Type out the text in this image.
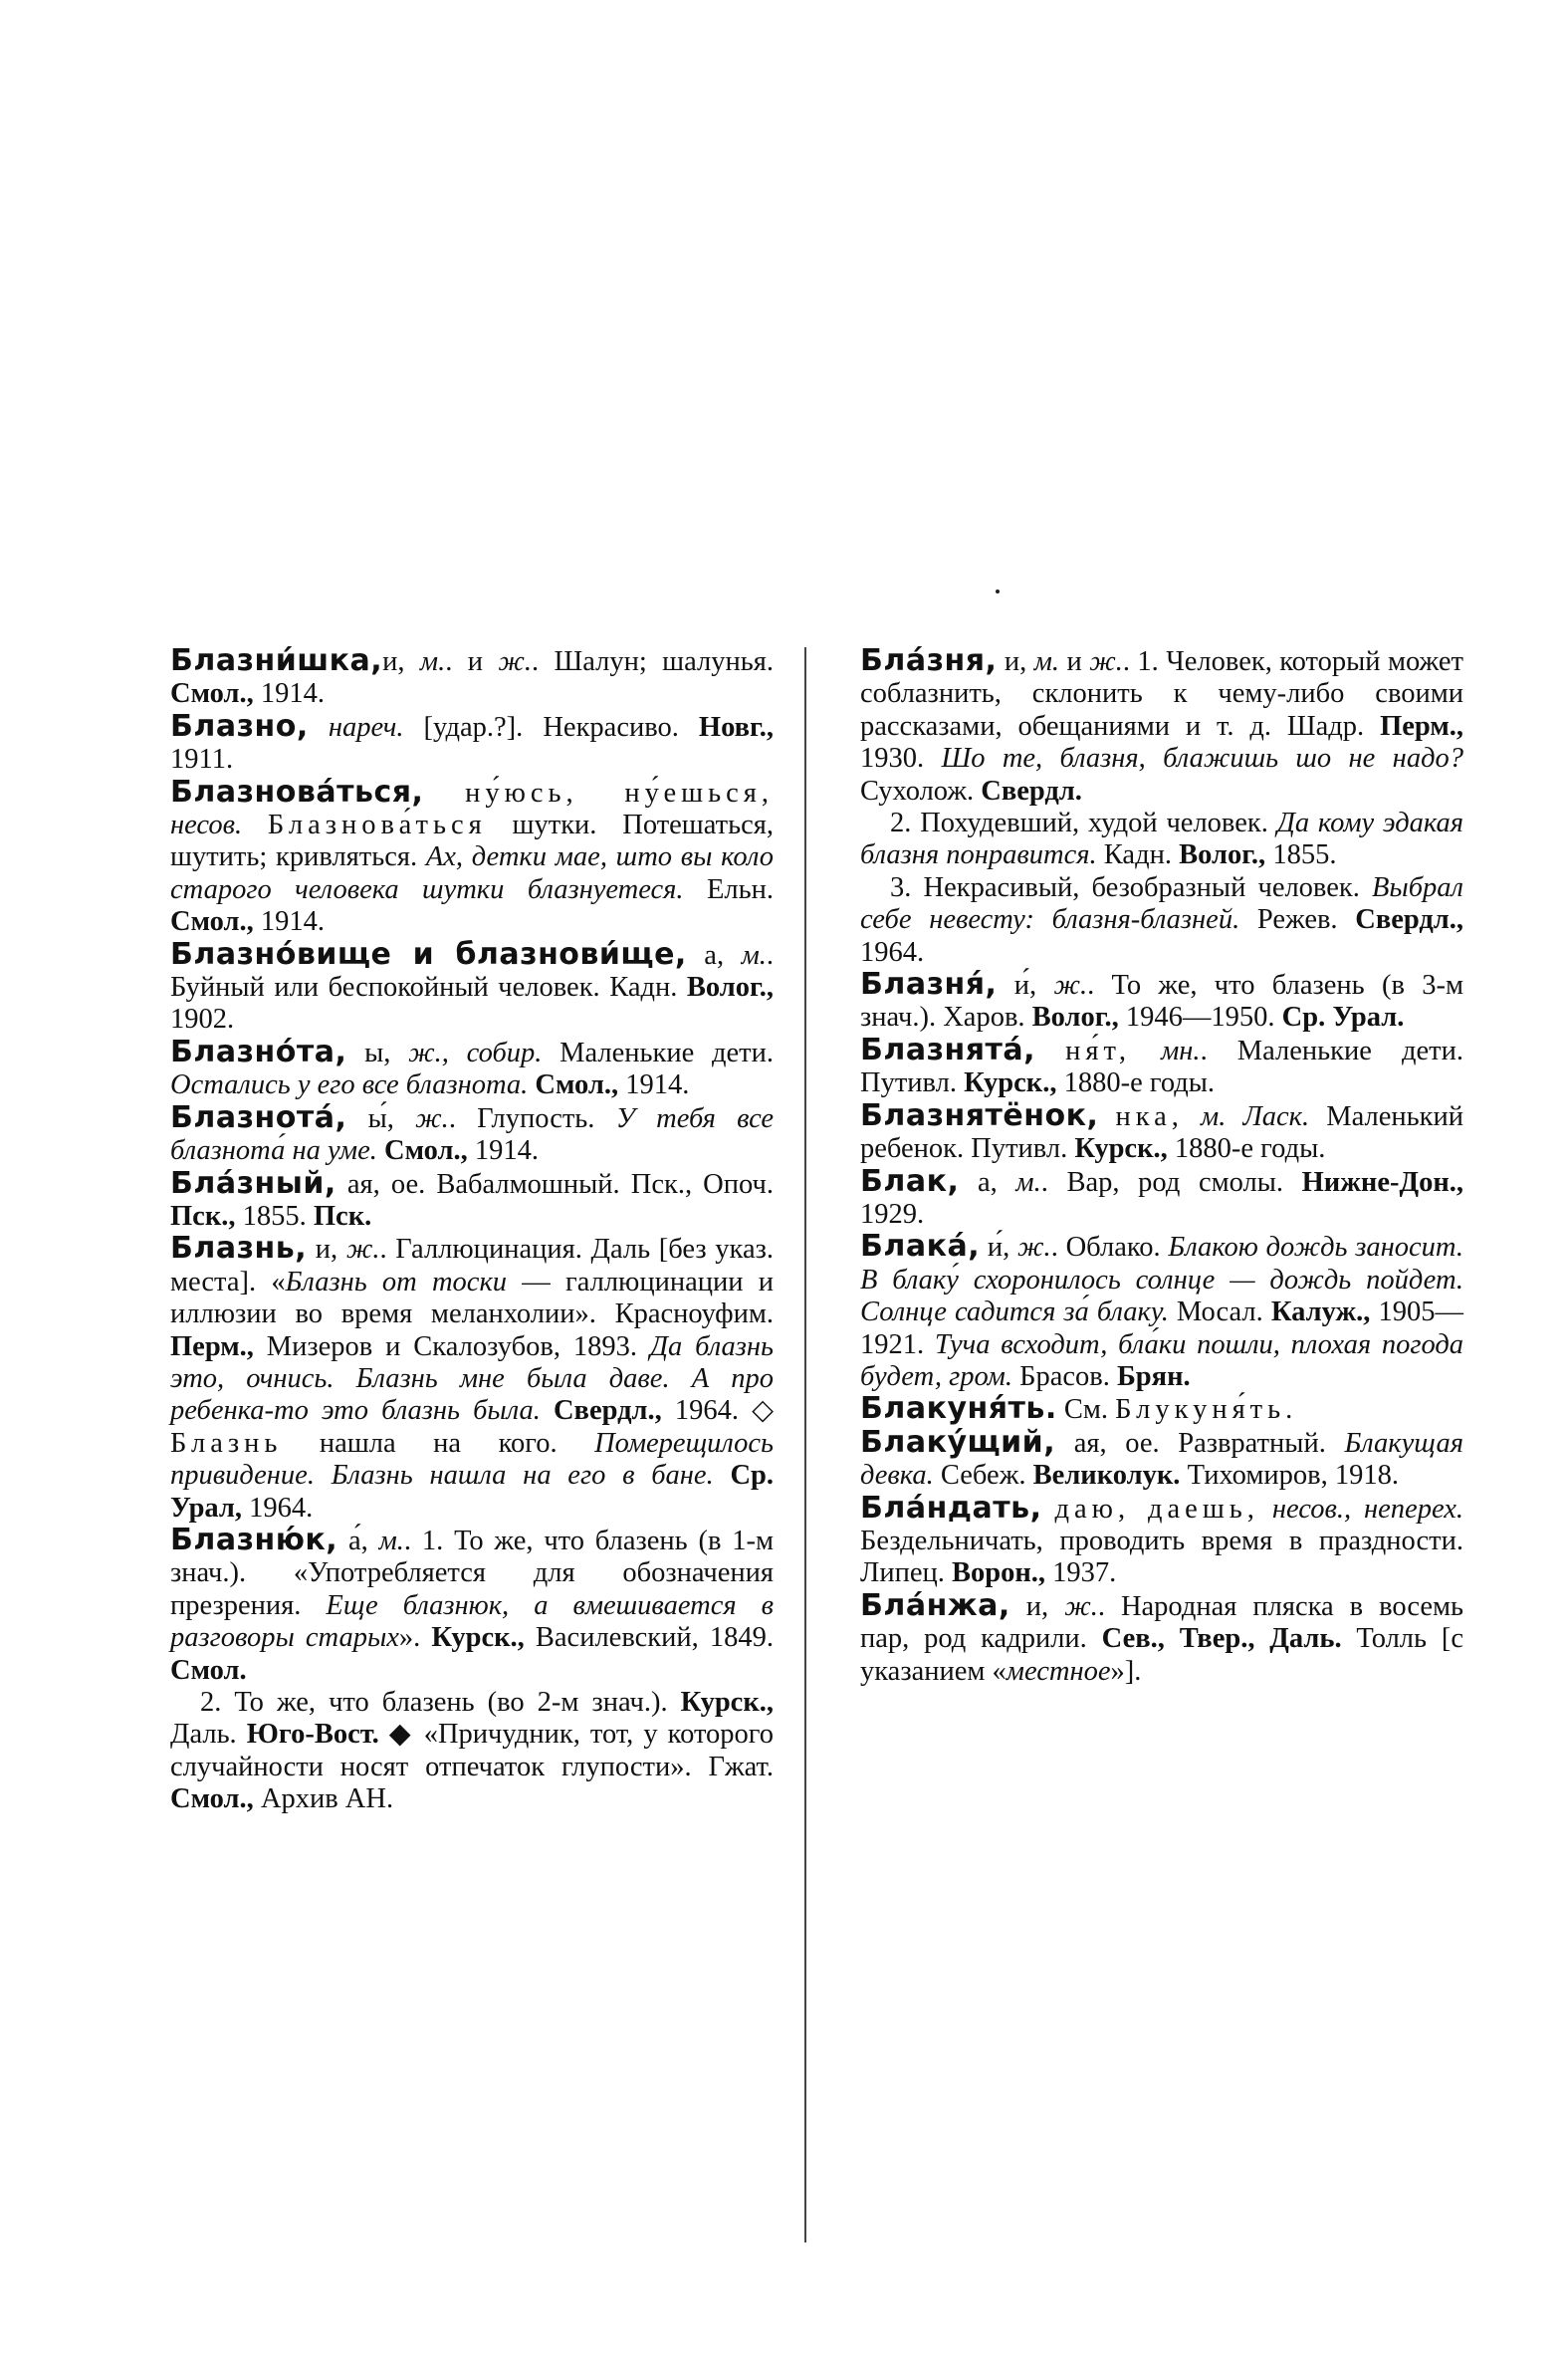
Блазни́шка,и, м.. и ж.. Шалун; шалунья. Смол., 1914.

Блазно, нареч. [удар.?]. Некрасиво. Новг., 1911.

Блазнова́ться, ну́юсь, ну́ешься, несов. Блазнова́ться шутки. Потешаться, шутить; кривляться. Ах, детки мае, што вы коло старого человека шутки блазнуетеся. Ельн. Смол., 1914.

Блазно́вище и блазнови́ще, а, м.. Буйный или беспокойный человек. Кадн. Волог., 1902.

Блазно́та, ы, ж., собир. Маленькие дети. Остались у его все блазнота. Смол., 1914.

Блазнота́, ы́, ж.. Глупость. У тебя все блазнота́ на уме. Смол., 1914.

Бла́зный, ая, ое. Вабалмошный. Пск., Опоч. Пск., 1855. Пск.

Блазнь, и, ж.. Галлюцинация. Даль [без указ. места]. «Блазнь от тоски — галлюцинации и иллюзии во время меланхолии». Красноуфим. Перм., Мизеров и Скалозубов, 1893. Да блазнь это, очнись. Блазнь мне была даве. А про ребенка-то это блазнь была. Свердл., 1964. ◇ Блазнь нашла на кого. Померещилось привидение. Блазнь нашла на его в бане. Ср. Урал, 1964.

Блазню́к, а́, м.. 1. То же, что блазень (в 1-м знач.). «Употребляется для обозначения презрения. Еще блазнюк, а вмешивается в разговоры старых». Курск., Василевский, 1849. Смол.

2. То же, что блазень (во 2-м знач.). Курск., Даль. Юго-Вост. ◆ «Причудник, тот, у которого случайности носят отпечаток глупости». Гжат. Смол., Архив АН.

Бла́зня, и, м. и ж.. 1. Человек, который может соблазнить, склонить к чему-либо своими рассказами, обещаниями и т. д. Шадр. Перм., 1930. Шо те, блазня, блажишь шо не надо? Сухолож. Свердл.

2. Похудевший, худой человек. Да кому эдакая блазня понравится. Кадн. Волог., 1855.

3. Некрасивый, безобразный человек. Выбрал себе невесту: блазня-блазней. Режев. Свердл., 1964.

Блазня́, и́, ж.. То же, что блазень (в 3-м знач.). Харов. Волог., 1946—1950. Ср. Урал.

Блазнята́, ня́т, мн.. Маленькие дети. Путивл. Курск., 1880-е годы.

Блазнятёнок, нка, м. Ласк. Маленький ребенок. Путивл. Курск., 1880-е годы.

Блак, а, м.. Вар, род смолы. Нижне-Дон., 1929.

Блака́, и́, ж.. Облако. Блакою дождь заносит. В блаку́ схоронилось солнце — дождь пойдет. Солнце садится за́ блаку. Мосал. Калуж., 1905—1921. Туча всходит, бла́ки пошли, плохая погода будет, гром. Брасов. Брян.

Блакуня́ть. См. Блукуня́ть.

Блаку́щий, ая, ое. Развратный. Блакущая девка. Себеж. Великолук. Тихомиров, 1918.

Бла́ндать, даю, даешь, несов., неперех. Бездельничать, проводить время в праздности. Липец. Ворон., 1937.

Бла́нжа, и, ж.. Народная пляска в восемь пар, род кадрили. Сев., Твер., Даль. Толль [с указанием «местное»].
